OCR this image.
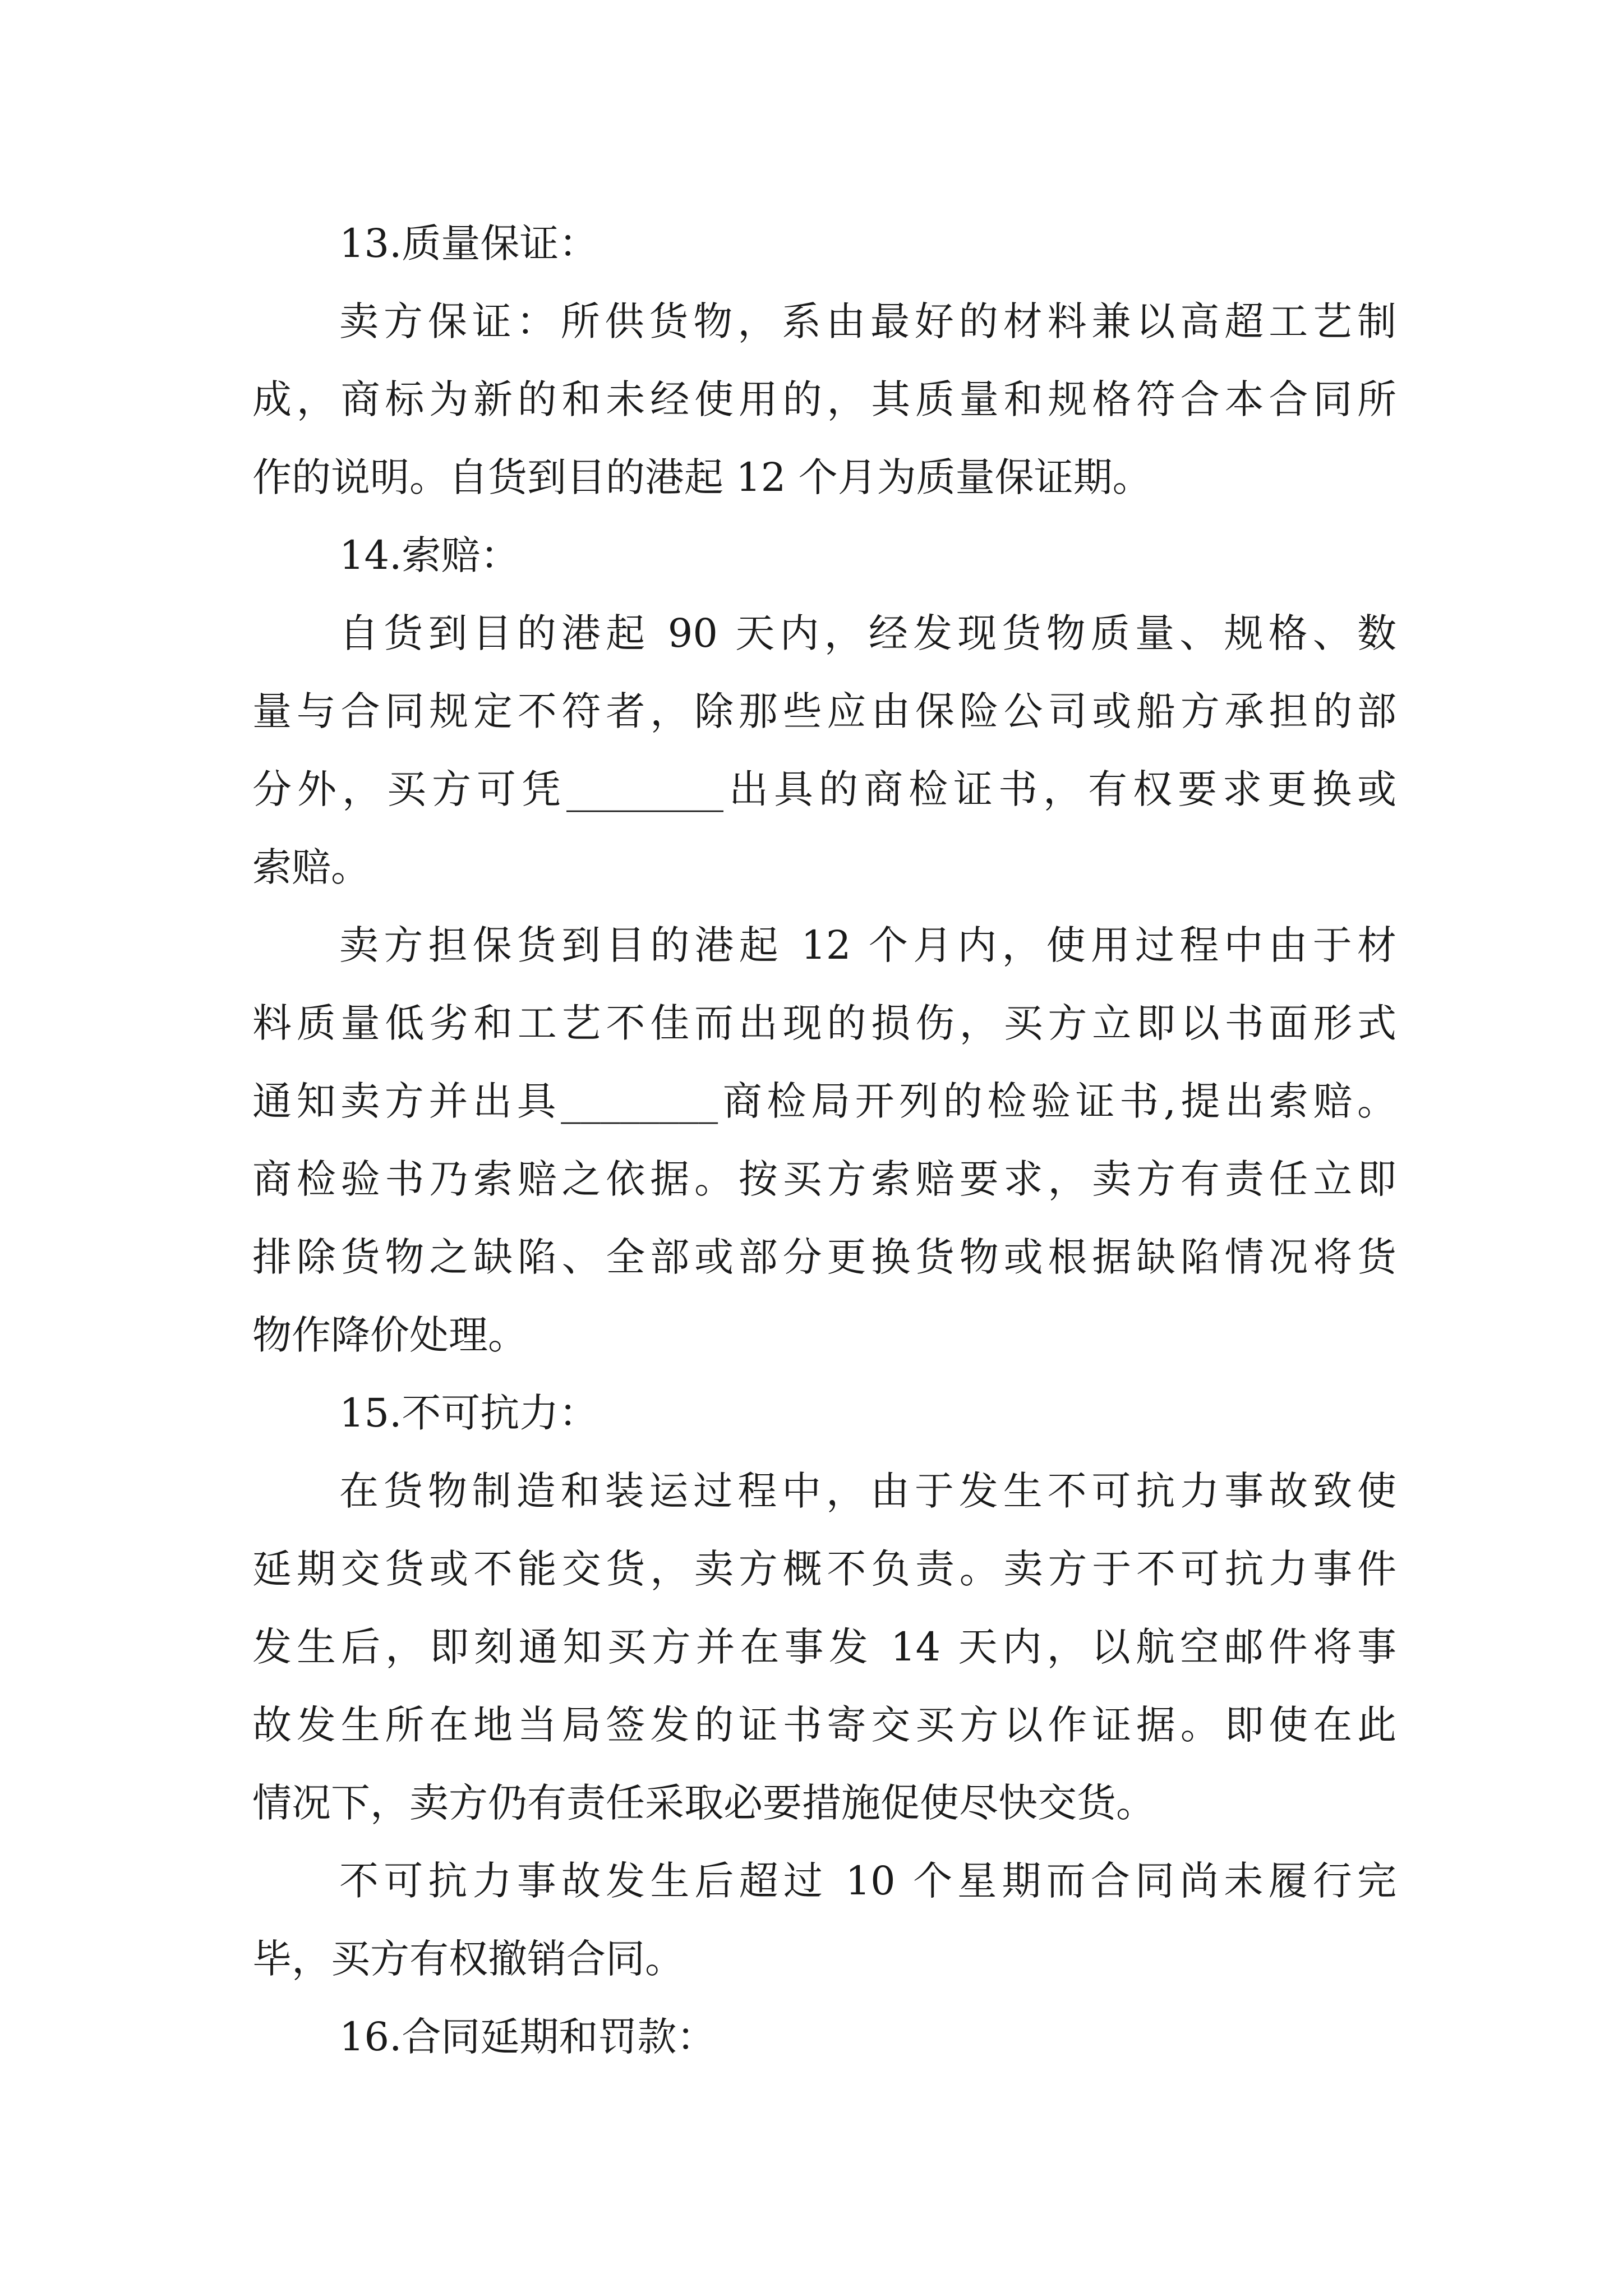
13.质量保证：
卖方保证：所供货物，系由最好的材料兼以高超工艺制
成，商标为新的和未经使用的，其质量和规格符合本合同所
作的说明。自货到目的港起 12 个月为质量保证期。
14.索赔：
自货到目的港起 90 天内，经发现货物质量、规格、数
量与合同规定不符者，除那些应由保险公司或船方承担的部
分外，买方可凭________出具的商检证书，有权要求更换或
索赔。
卖方担保货到目的港起 12 个月内，使用过程中由于材
料质量低劣和工艺不佳而出现的损伤，买方立即以书面形式
通知卖方并出具________商检局开列的检验证书,提出索赔。
商检验书乃索赔之依据。按买方索赔要求，卖方有责任立即
排除货物之缺陷、全部或部分更换货物或根据缺陷情况将货
物作降价处理。
15.不可抗力：
在货物制造和装运过程中，由于发生不可抗力事故致使
延期交货或不能交货，卖方概不负责。卖方于不可抗力事件
发生后，即刻通知买方并在事发 14 天内，以航空邮件将事
故发生所在地当局签发的证书寄交买方以作证据。即使在此
情况下，卖方仍有责任采取必要措施促使尽快交货。
不可抗力事故发生后超过 10 个星期而合同尚未履行完
毕，买方有权撤销合同。
16.合同延期和罚款：
